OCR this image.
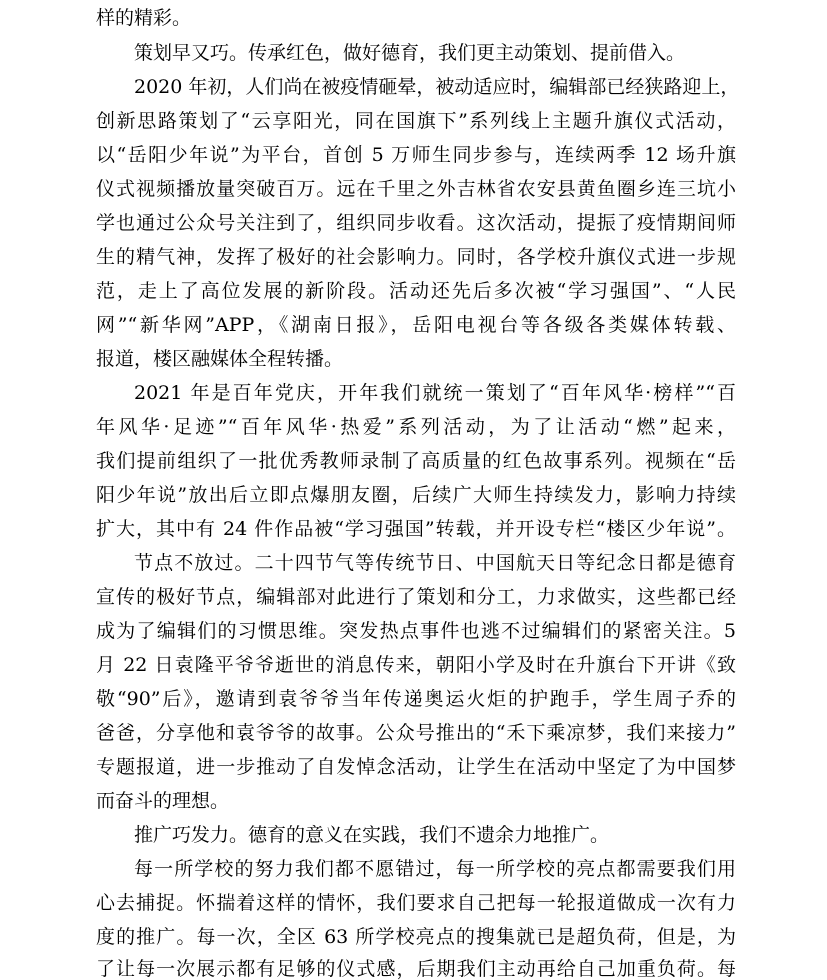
样的精彩。
策划早又巧。传承红色，做好德育，我们更主动策划、提前借入。
2020 年初，人们尚在被疫情砸晕，被动适应时，编辑部已经狭路迎上，
创新思路策划了“云享阳光，同在国旗下”系列线上主题升旗仪式活动，
以“岳阳少年说”为平台，首创 5 万师生同步参与，连续两季 12 场升旗
仪式视频播放量突破百万。远在千里之外吉林省农安县黄鱼圈乡连三坑小
学也通过公众号关注到了，组织同步收看。这次活动，提振了疫情期间师
生的精气神，发挥了极好的社会影响力。同时，各学校升旗仪式进一步规
范，走上了高位发展的新阶段。活动还先后多次被“学习强国”、“人民
网”“新华网”APP，《湖南日报》，岳阳电视台等各级各类媒体转载、
报道，楼区融媒体全程转播。
2021 年是百年党庆，开年我们就统一策划了“百年风华·榜样”“百
年风华·足迹”“百年风华·热爱”系列活动，为了让活动“燃”起来，
我们提前组织了一批优秀教师录制了高质量的红色故事系列。视频在“岳
阳少年说”放出后立即点爆朋友圈，后续广大师生持续发力，影响力持续
扩大，其中有 24 件作品被“学习强国”转载，并开设专栏“楼区少年说”。
节点不放过。二十四节气等传统节日、中国航天日等纪念日都是德育
宣传的极好节点，编辑部对此进行了策划和分工，力求做实，这些都已经
成为了编辑们的习惯思维。突发热点事件也逃不过编辑们的紧密关注。5
月 22 日袁隆平爷爷逝世的消息传来，朝阳小学及时在升旗台下开讲《致
敬“90”后》，邀请到袁爷爷当年传递奥运火炬的护跑手，学生周子乔的
爸爸，分享他和袁爷爷的故事。公众号推出的“禾下乘凉梦，我们来接力”
专题报道，进一步推动了自发悼念活动，让学生在活动中坚定了为中国梦
而奋斗的理想。
推广巧发力。德育的意义在实践，我们不遗余力地推广。
每一所学校的努力我们都不愿错过，每一所学校的亮点都需要我们用
心去捕捉。怀揣着这样的情怀，我们要求自己把每一轮报道做成一次有力
度的推广。每一次，全区 63 所学校亮点的搜集就已是超负荷，但是，为
了让每一次展示都有足够的仪式感，后期我们主动再给自己加重负荷。每
